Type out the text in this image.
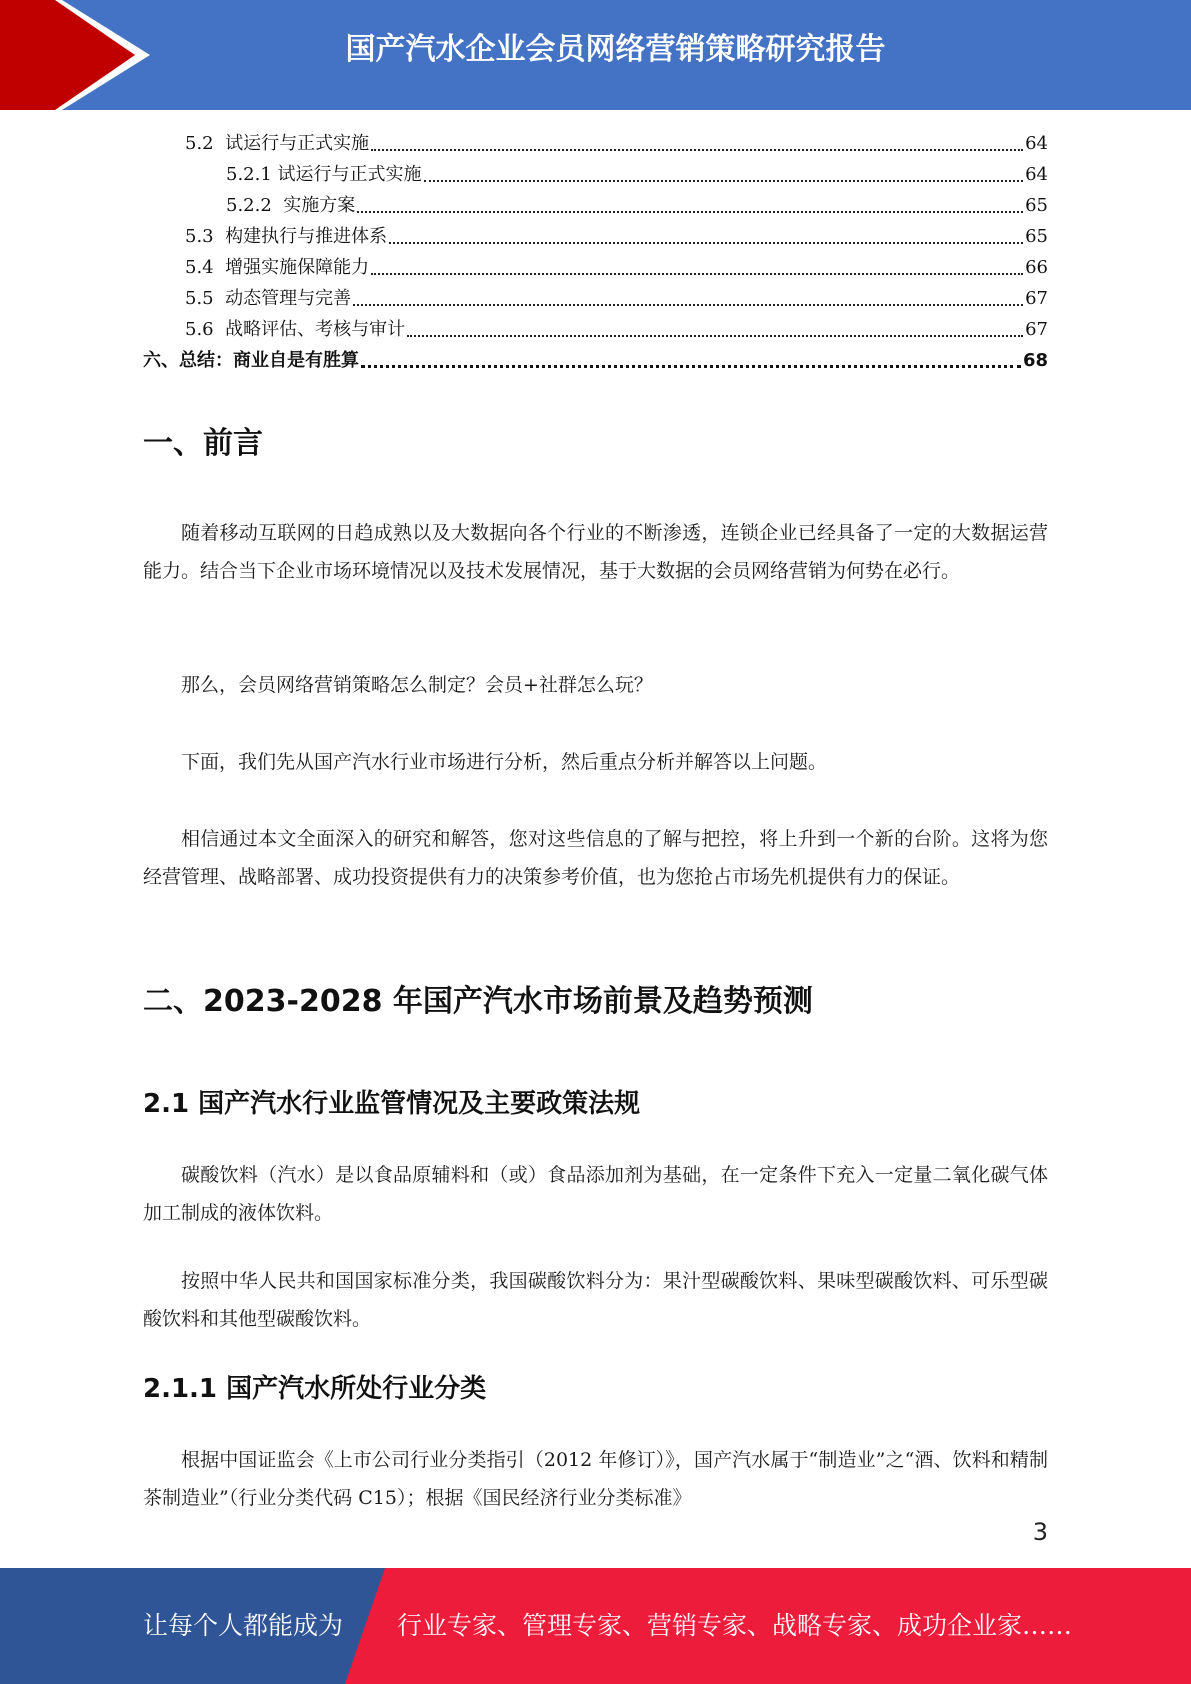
国产汽水企业会员网络营销策略研究报告
5.2  试运行与正式实施	64
5.2.1 试运行与正式实施	64
5.2.2  实施方案	65
5.3  构建执行与推进体系	65
5.4  增强实施保障能力	66
5.5  动态管理与完善	67
5.6  战略评估、考核与审计	67
六、总结：商业自是有胜算	68
一、前言

随着移动互联网的日趋成熟以及大数据向各个行业的不断渗透，连锁企业已经具备了一定的大数据运营能力。结合当下企业市场环境情况以及技术发展情况，基于大数据的会员网络营销为何势在必行。

那么，会员网络营销策略怎么制定？会员+社群怎么玩？

下面，我们先从国产汽水行业市场进行分析，然后重点分析并解答以上问题。

相信通过本文全面深入的研究和解答，您对这些信息的了解与把控，将上升到一个新的台阶。这将为您经营管理、战略部署、成功投资提供有力的决策参考价值，也为您抢占市场先机提供有力的保证。

二、2023-2028 年国产汽水市场前景及趋势预测
2.1 国产汽水行业监管情况及主要政策法规

碳酸饮料（汽水）是以食品原辅料和（或）食品添加剂为基础，在一定条件下充入一定量二氧化碳气体加工制成的液体饮料。

按照中华人民共和国国家标准分类，我国碳酸饮料分为：果汁型碳酸饮料、果味型碳酸饮料、可乐型碳酸饮料和其他型碳酸饮料。

2.1.1 国产汽水所处行业分类

根据中国证监会《上市公司行业分类指引（2012 年修订）》，国产汽水属于“制造业”之“酒、饮料和精制茶制造业”（行业分类代码 C15）；根据《国民经济行业分类标准》

3
让每个人都能成为 行业专家、管理专家、营销专家、战略专家、成功企业家……
